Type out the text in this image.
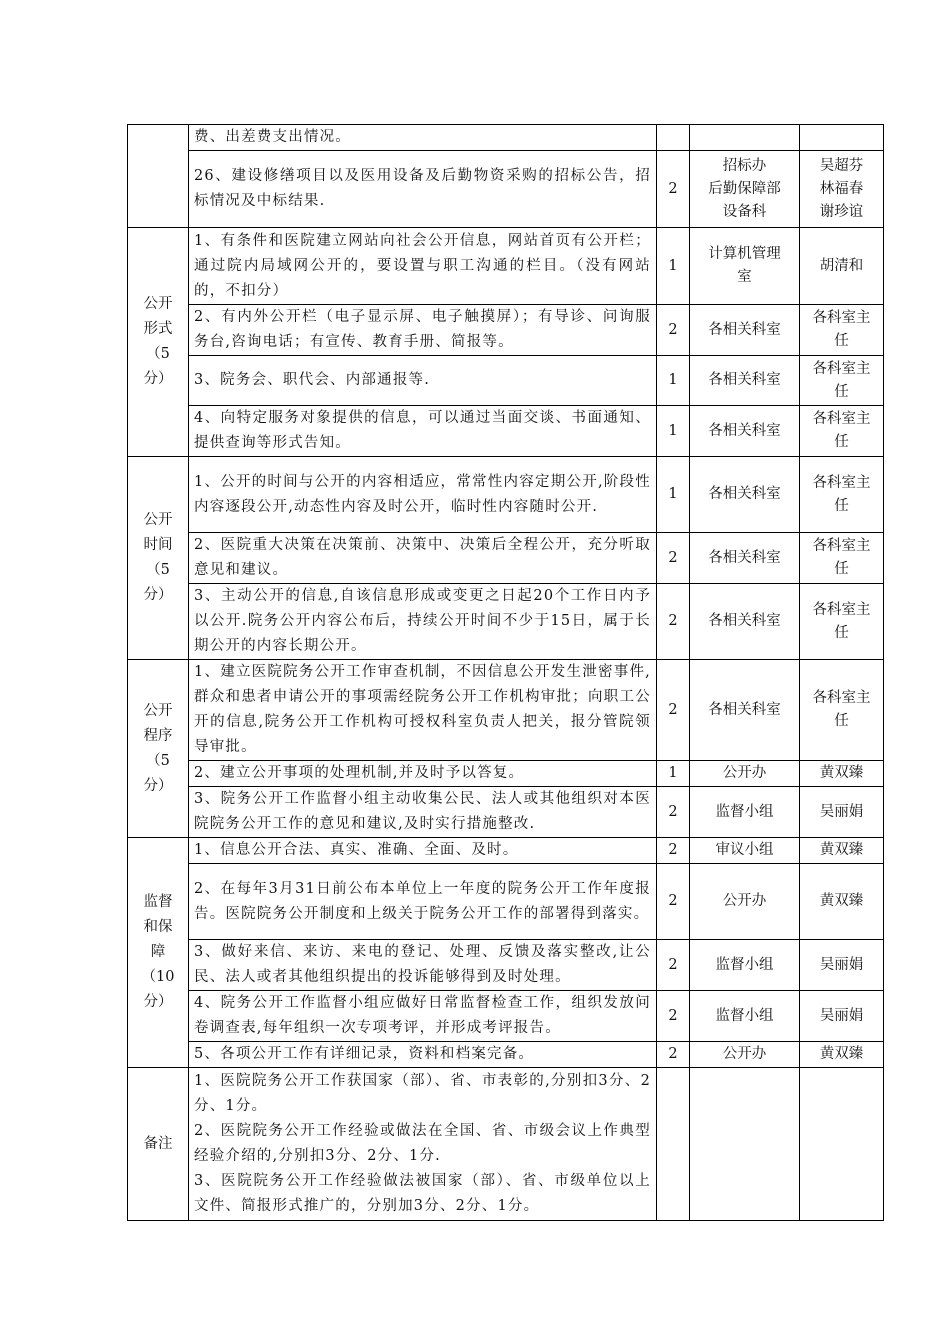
	费、出差费支出情况。			

	26、建设修缮项目以及医用设备及后勤物资采购的招标公告，招标情况及中标结果.	2	招标办
后勤保障部
设备科	吴超芬
林福春
谢珍谊

公开
形式
（5
分）	1、有条件和医院建立网站向社会公开信息，网站首页有公开栏；通过院内局域网公开的，要设置与职工沟通的栏目。（没有网站的，不扣分）	1	计算机管理
室	胡清和

	2、有内外公开栏（电子显示屏、电子触摸屏）；有导诊、问询服务台,咨询电话；有宣传、教育手册、简报等。	2	各相关科室	各科室主
任

	3、院务会、职代会、内部通报等.	1	各相关科室	各科室主
任

	4、向特定服务对象提供的信息，可以通过当面交谈、书面通知、提供查询等形式告知。	1	各相关科室	各科室主
任

公开
时间
（5
分）	1、公开的时间与公开的内容相适应，常常性内容定期公开,阶段性内容逐段公开,动态性内容及时公开，临时性内容随时公开.	1	各相关科室	各科室主
任

	2、医院重大决策在决策前、决策中、决策后全程公开，充分听取意见和建议。	2	各相关科室	各科室主
任

	3、主动公开的信息,自该信息形成或变更之日起20个工作日内予以公开.院务公开内容公布后，持续公开时间不少于15日，属于长期公开的内容长期公开。	2	各相关科室	各科室主
任

公开
程序
（5
分）	1、建立医院院务公开工作审查机制，不因信息公开发生泄密事件,群众和患者申请公开的事项需经院务公开工作机构审批；向职工公开的信息,院务公开工作机构可授权科室负责人把关，报分管院领导审批。	2	各相关科室	各科室主
任

	2、建立公开事项的处理机制,并及时予以答复。	1	公开办	黄双臻

	3、院务公开工作监督小组主动收集公民、法人或其他组织对本医院院务公开工作的意见和建议,及时实行措施整改.	2	监督小组	吴丽娟

监督
和保
障
（10
分）	1、信息公开合法、真实、准确、全面、及时。	2	审议小组	黄双臻

	2、在每年3月31日前公布本单位上一年度的院务公开工作年度报告。医院院务公开制度和上级关于院务公开工作的部署得到落实。	2	公开办	黄双臻

	3、做好来信、来访、来电的登记、处理、反馈及落实整改,让公民、法人或者其他组织提出的投诉能够得到及时处理。	2	监督小组	吴丽娟

	4、院务公开工作监督小组应做好日常监督检查工作，组织发放问卷调查表,每年组织一次专项考评，并形成考评报告。	2	监督小组	吴丽娟

	5、各项公开工作有详细记录，资料和档案完备。	2	公开办	黄双臻

备注	1、医院院务公开工作获国家（部）、省、市表彰的,分别扣3分、2分、1分。
2、医院院务公开工作经验或做法在全国、省、市级会议上作典型经验介绍的,分别扣3分、2分、1分.
3、医院院务公开工作经验做法被国家（部）、省、市级单位以上文件、简报形式推广的，分别加3分、2分、1分。			
